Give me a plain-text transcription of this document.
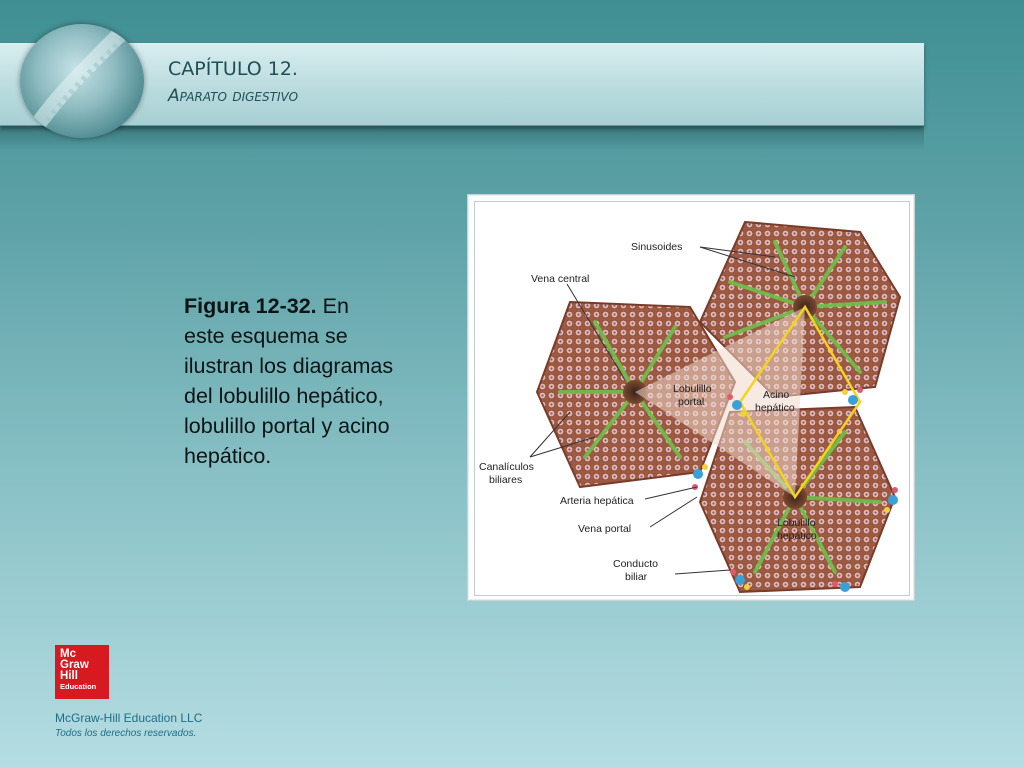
CAPÍTULO 12.
Aparato digestivo
Figura 12-32. En este esquema se ilustran los diagramas del lobulillo hepático, lobulillo portal y acino hepático.
Sinusoides
Vena central
Lobulillo
portal
Acino
hepático
Canalículos
biliares
Arteria hepática
Vena portal
Conducto
biliar
Lobulillo
hepático
Mc
Graw
Hill
Education
McGraw-Hill Education LLC
Todos los derechos reservados.
